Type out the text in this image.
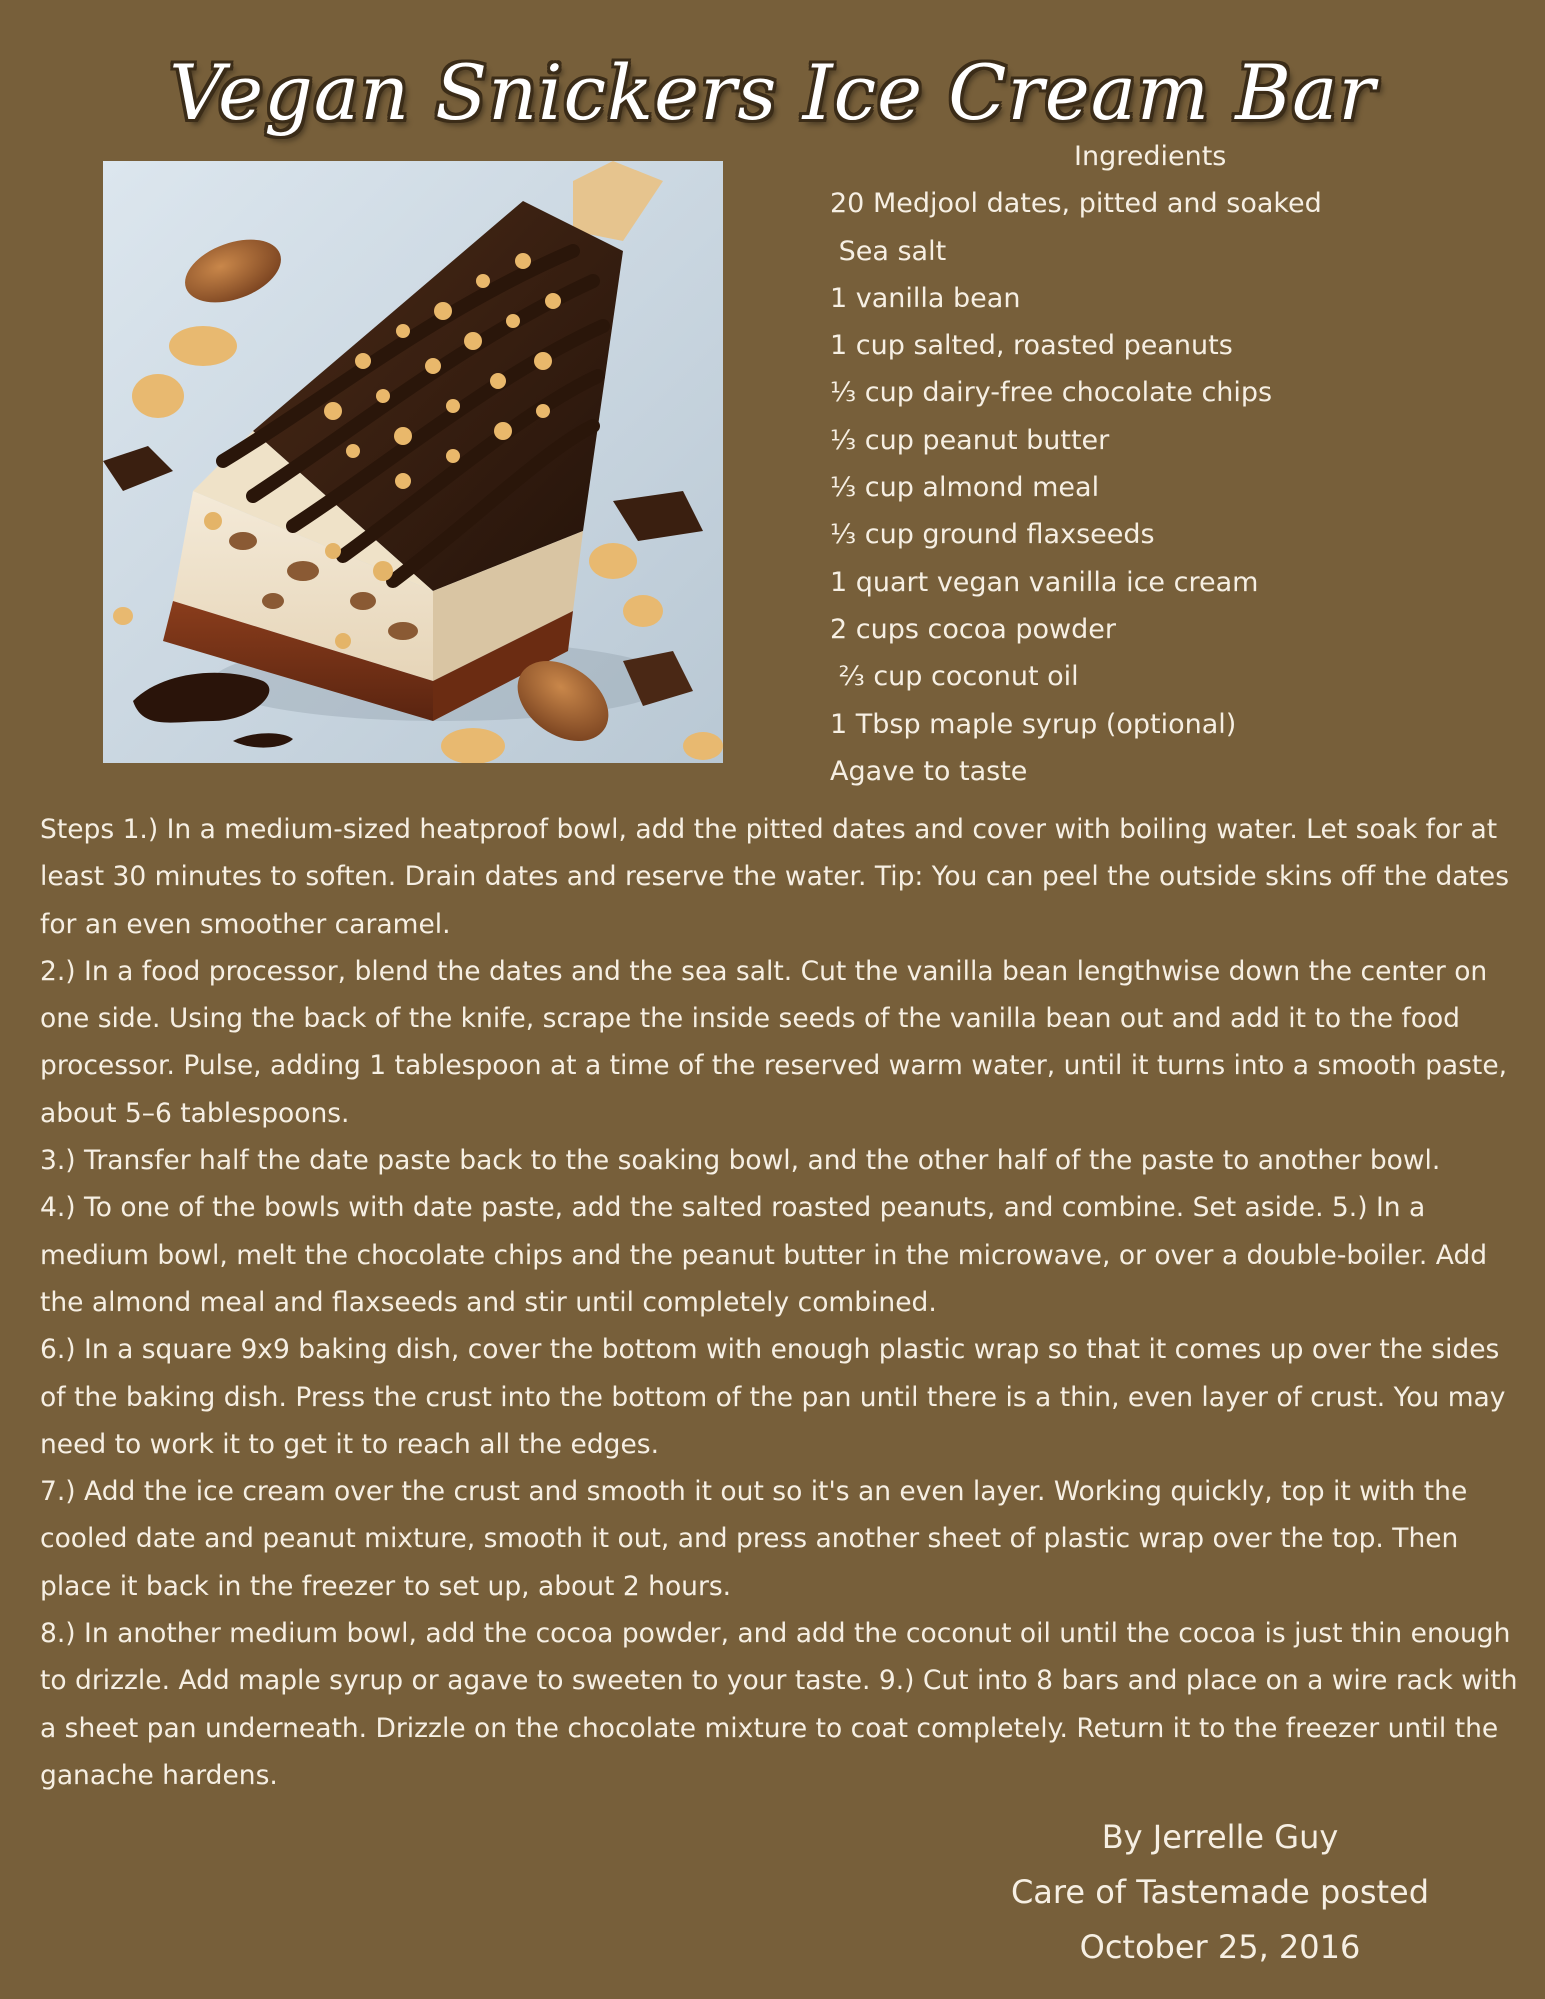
Vegan Snickers Ice Cream Bar
Ingredients
20 Medjool dates, pitted and soaked
Sea salt
1 vanilla bean
1 cup salted, roasted peanuts
⅓ cup dairy-free chocolate chips
⅓ cup peanut butter
⅓ cup almond meal
⅓ cup ground flaxseeds
1 quart vegan vanilla ice cream
2 cups cocoa powder
⅔ cup coconut oil
1 Tbsp maple syrup (optional)
Agave to taste

Steps 1.) In a medium-sized heatproof bowl, add the pitted dates and cover with boiling water. Let soak for at least 30 minutes to soften. Drain dates and reserve the water. Tip: You can peel the outside skins off the dates for an even smoother caramel.

2.) In a food processor, blend the dates and the sea salt. Cut the vanilla bean lengthwise down the center on one side. Using the back of the knife, scrape the inside seeds of the vanilla bean out and add it to the food processor. Pulse, adding 1 tablespoon at a time of the reserved warm water, until it turns into a smooth paste, about 5–6 tablespoons.

3.) Transfer half the date paste back to the soaking bowl, and the other half of the paste to another bowl.

4.) To one of the bowls with date paste, add the salted roasted peanuts, and combine. Set aside. 5.) In a medium bowl, melt the chocolate chips and the peanut butter in the microwave, or over a double-boiler. Add the almond meal and flaxseeds and stir until completely combined.

6.) In a square 9x9 baking dish, cover the bottom with enough plastic wrap so that it comes up over the sides of the baking dish. Press the crust into the bottom of the pan until there is a thin, even layer of crust. You may need to work it to get it to reach all the edges.

7.) Add the ice cream over the crust and smooth it out so it's an even layer. Working quickly, top it with the cooled date and peanut mixture, smooth it out, and press another sheet of plastic wrap over the top. Then place it back in the freezer to set up, about 2 hours.

8.) In another medium bowl, add the cocoa powder, and add the coconut oil until the cocoa is just thin enough to drizzle. Add maple syrup or agave to sweeten to your taste. 9.) Cut into 8 bars and place on a wire rack with a sheet pan underneath. Drizzle on the chocolate mixture to coat completely. Return it to the freezer until the ganache hardens.

By Jerrelle Guy
Care of Tastemade posted
October 25, 2016
